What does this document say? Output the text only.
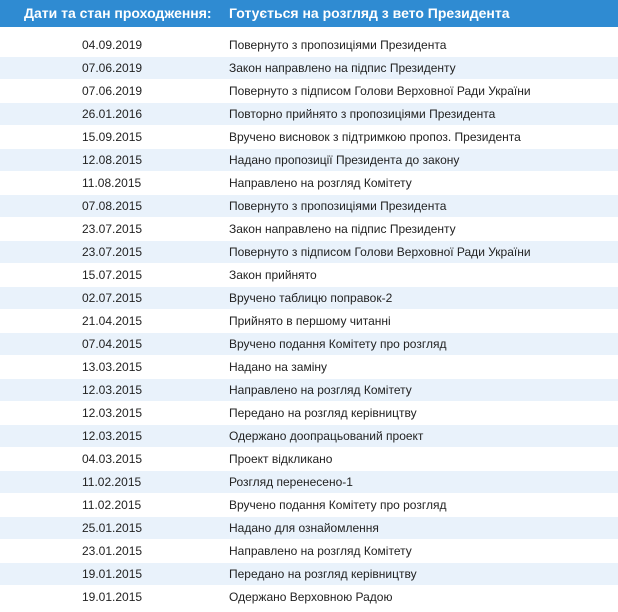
Дати та стан проходження: Готується на розгляд з вето Президента
04.09.2019	Повернуто з пропозиціями Президента
07.06.2019	Закон направлено на підпис Президенту
07.06.2019	Повернуто з підписом Голови Верховної Ради України
26.01.2016	Повторно прийнято з пропозиціями Президента
15.09.2015	Вручено висновок з підтримкою пропоз. Президента
12.08.2015	Надано пропозиції Президента до закону
11.08.2015	Направлено на розгляд Комітету
07.08.2015	Повернуто з пропозиціями Президента
23.07.2015	Закон направлено на підпис Президенту
23.07.2015	Повернуто з підписом Голови Верховної Ради України
15.07.2015	Закон прийнято
02.07.2015	Вручено таблицю поправок-2
21.04.2015	Прийнято в першому читанні
07.04.2015	Вручено подання Комітету про розгляд
13.03.2015	Надано на заміну
12.03.2015	Направлено на розгляд Комітету
12.03.2015	Передано на розгляд керівництву
12.03.2015	Одержано доопрацьований проект
04.03.2015	Проект відкликано
11.02.2015	Розгляд перенесено-1
11.02.2015	Вручено подання Комітету про розгляд
25.01.2015	Надано для ознайомлення
23.01.2015	Направлено на розгляд Комітету
19.01.2015	Передано на розгляд керівництву
19.01.2015	Одержано Верховною Радою
